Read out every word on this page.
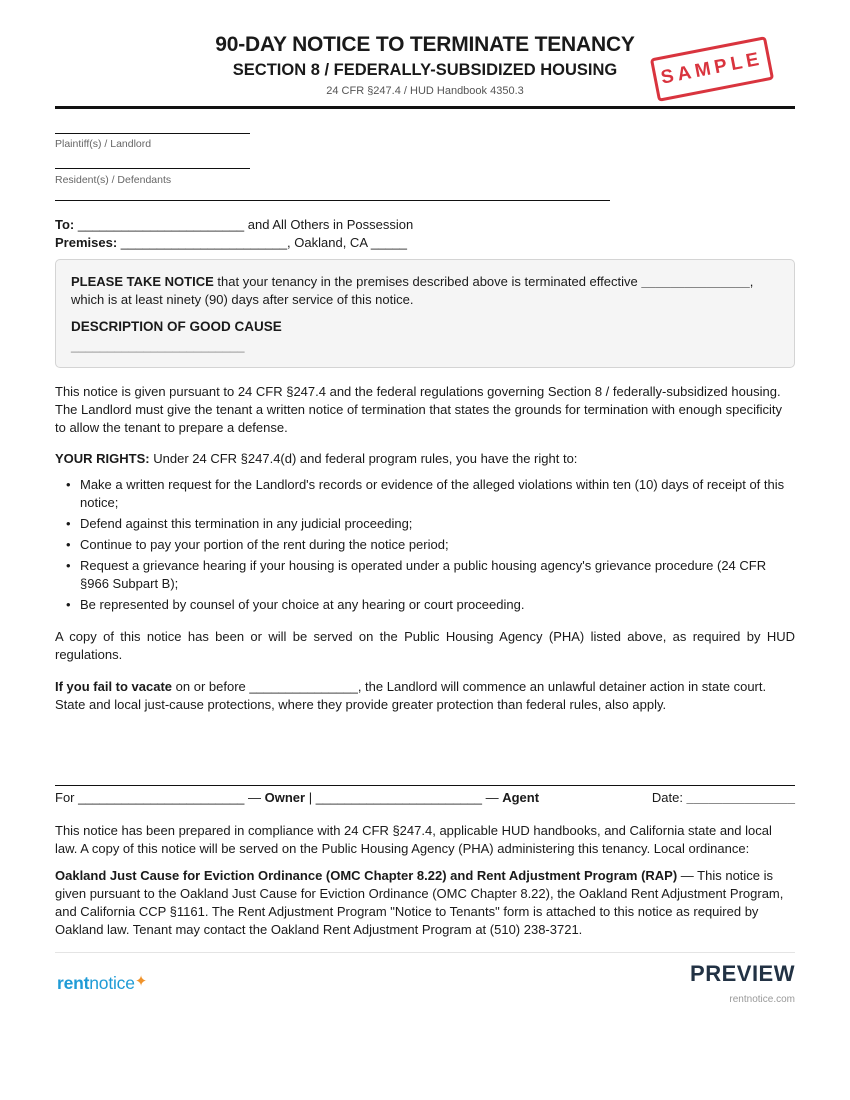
90-DAY NOTICE TO TERMINATE TENANCY
SECTION 8 / FEDERALLY-SUBSIDIZED HOUSING
24 CFR §247.4 / HUD Handbook 4350.3
SAMPLE
Plaintiff(s) / Landlord
Resident(s) / Defendants
To: _______________________ and All Others in Possession
Premises: _______________________, Oakland, CA _____
PLEASE TAKE NOTICE that your tenancy in the premises described above is terminated effective _______________, which is at least ninety (90) days after service of this notice.
DESCRIPTION OF GOOD CAUSE
________________________
This notice is given pursuant to 24 CFR §247.4 and the federal regulations governing Section 8 / federally-subsidized housing. The Landlord must give the tenant a written notice of termination that states the grounds for termination with enough specificity to allow the tenant to prepare a defense.
YOUR RIGHTS: Under 24 CFR §247.4(d) and federal program rules, you have the right to:
• Make a written request for the Landlord's records or evidence of the alleged violations within ten (10) days of receipt of this notice;
• Defend against this termination in any judicial proceeding;
• Continue to pay your portion of the rent during the notice period;
• Request a grievance hearing if your housing is operated under a public housing agency's grievance procedure (24 CFR §966 Subpart B);
• Be represented by counsel of your choice at any hearing or court proceeding.
A copy of this notice has been or will be served on the Public Housing Agency (PHA) listed above, as required by HUD regulations.
If you fail to vacate on or before _______________, the Landlord will commence an unlawful detainer action in state court. State and local just-cause protections, where they provide greater protection than federal rules, also apply.
For _______________________ — Owner | _______________________ — Agent	Date: _______________
This notice has been prepared in compliance with 24 CFR §247.4, applicable HUD handbooks, and California state and local law. A copy of this notice will be served on the Public Housing Agency (PHA) administering this tenancy. Local ordinance:
Oakland Just Cause for Eviction Ordinance (OMC Chapter 8.22) and Rent Adjustment Program (RAP) — This notice is given pursuant to the Oakland Just Cause for Eviction Ordinance (OMC Chapter 8.22), the Oakland Rent Adjustment Program, and California CCP §1161. The Rent Adjustment Program "Notice to Tenants" form is attached to this notice as required by Oakland law. Tenant may contact the Oakland Rent Adjustment Program at (510) 238-3721.
rentnotice✦	PREVIEW
rentnotice.com
